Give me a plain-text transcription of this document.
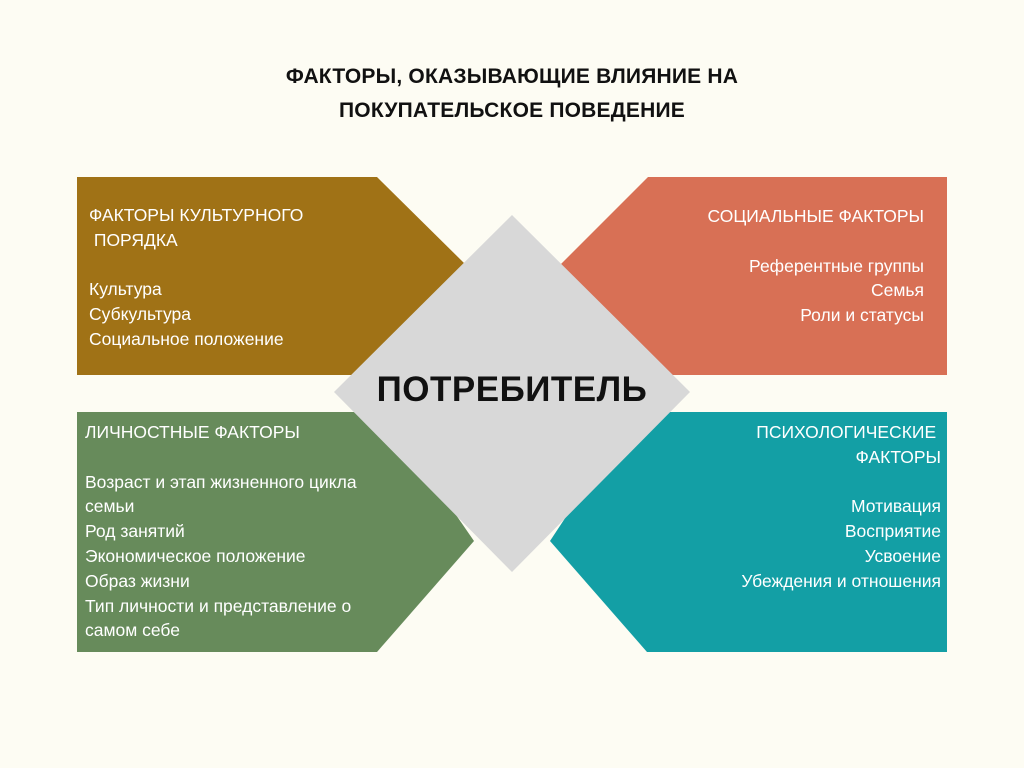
ФАКТОРЫ, ОКАЗЫВАЮЩИЕ ВЛИЯНИЕ НА
ПОКУПАТЕЛЬСКОЕ ПОВЕДЕНИЕ
ФАКТОРЫ КУЛЬТУРНОГО
ПОРЯДКА
Культура
Субкультура
Социальное положение
СОЦИАЛЬНЫЕ ФАКТОРЫ
Референтные группы
Семья
Роли и статусы
ЛИЧНОСТНЫЕ ФАКТОРЫ
Возраст и этап жизненного цикла
семьи
Род занятий
Экономическое положение
Образ жизни
Тип личности и представление о
самом себе
ПСИХОЛОГИЧЕСКИЕ
ФАКТОРЫ
Мотивация
Восприятие
Усвоение
Убеждения и отношения
ПОТРЕБИТЕЛЬ
